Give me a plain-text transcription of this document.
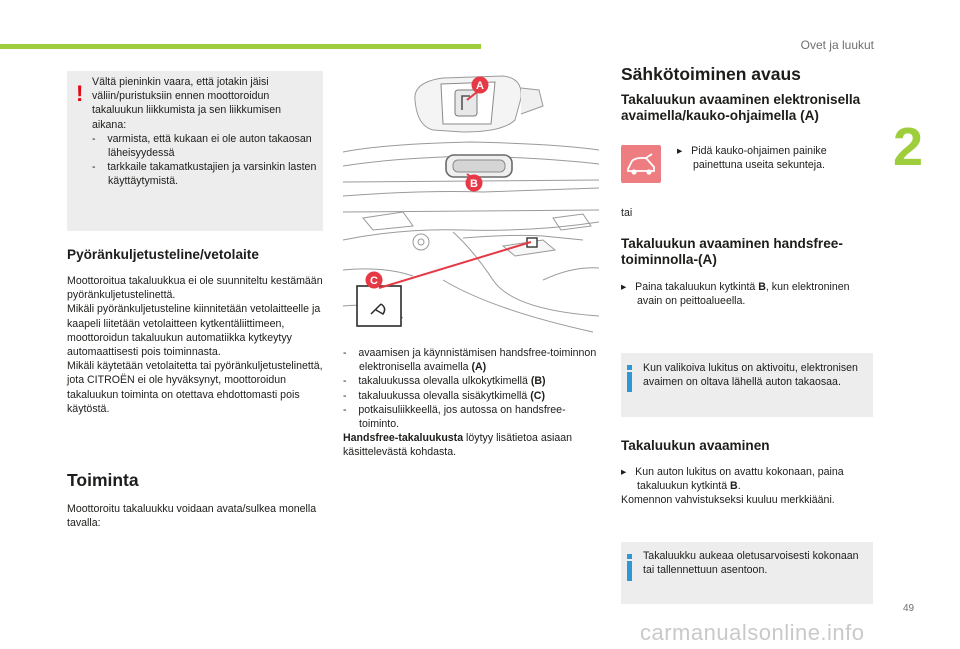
Ovet ja luukut
2
! Vältä pieninkin vaara, että jotakin jäisi väliin/puristuksiin ennen moottoroidun takaluukun liikkumista ja sen liikkumisen aikana:

-    varmista, että kukaan ei ole auton takaosan läheisyydessä

-    tarkkaile takamatkustajien ja varsinkin lasten käyttäytymistä.

Pyöränkuljetusteline/vetolaite

Moottoroitua takaluukkua ei ole suunniteltu kestämään pyöränkuljetustelinettä.

Mikäli pyöränkuljetusteline kiinnitetään vetolaitteelle ja kaapeli liitetään vetolaitteen kytkentäliittimeen, moottoroidun takaluukun automatiikka kytkeytyy automaattisesti pois toiminnasta.

Mikäli käytetään vetolaitetta tai pyöränkuljetustelinettä, jota CITROËN ei ole hyväksynyt, moottoroidun takaluukun toiminta on otettava ehdottomasti pois käytöstä.

Toiminta

Moottoroitu takaluukku voidaan avata/sulkea monella tavalla:

A
B
C

-    avaamisen ja käynnistämisen handsfree-toiminnon elektronisella avaimella (A)

-    takaluukussa olevalla ulkokytkimellä (B)

-    takaluukussa olevalla sisäkytkimellä (C)

-    potkaisuliikkeellä, jos autossa on handsfree-toiminto.

Handsfree-takaluukusta löytyy lisätietoa asiaan käsittelevästä kohdasta.

Sähkötoiminen avaus
Takaluukun avaaminen elektronisella avaimella/kauko-ohjaimella (A)

▸ Pidä kauko-ohjaimen painike painettuna useita sekunteja.

tai

Takaluukun avaaminen handsfree-toiminnolla-(A)

▸ Paina takaluukun kytkintä B, kun elektroninen avain on peittoalueella.

Kun valikoiva lukitus on aktivoitu, elektronisen avaimen on oltava lähellä auton takaosaa.

Takaluukun avaaminen

▸ Kun auton lukitus on avattu kokonaan, paina takaluukun kytkintä B.

Komennon vahvistukseksi kuuluu merkkiääni.

Takaluukku aukeaa oletusarvoisesti kokonaan tai tallennettuun asentoon.

49
carmanualsonline.info
